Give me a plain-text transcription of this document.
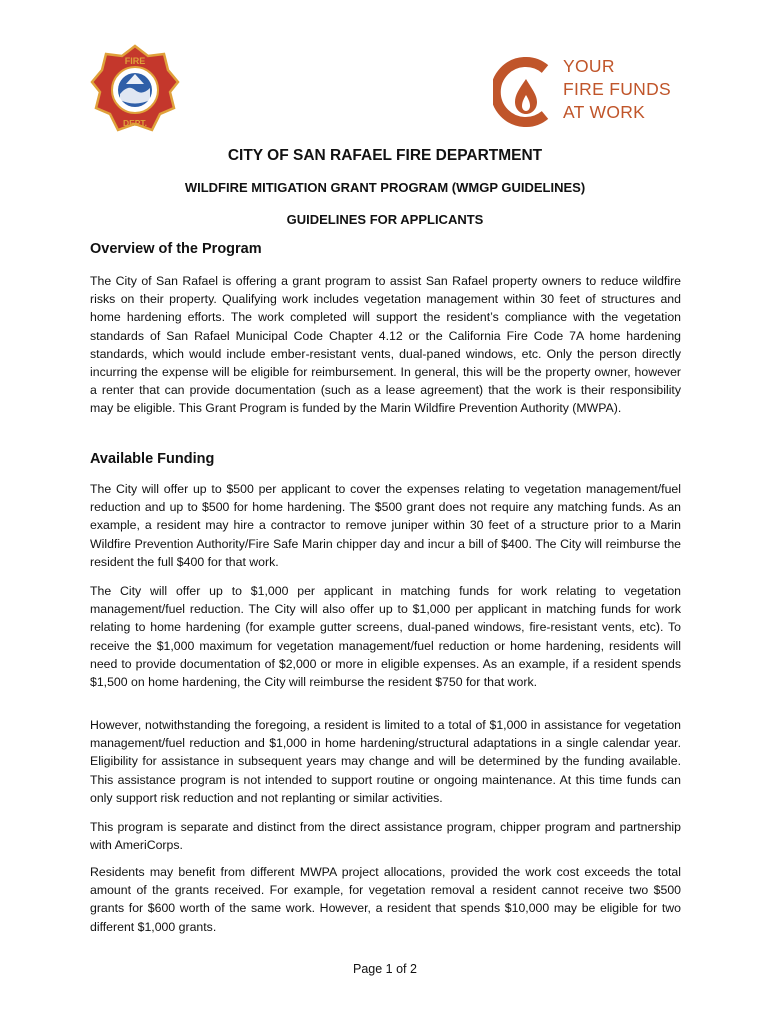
FIRE
DEPT.
YOUR
FIRE FUNDS
AT WORK
CITY OF SAN RAFAEL FIRE DEPARTMENT
WILDFIRE MITIGATION GRANT PROGRAM (WMGP GUIDELINES)
GUIDELINES FOR APPLICANTS
Overview of the Program

The City of San Rafael is offering a grant program to assist San Rafael property owners to reduce wildfire risks on their property. Qualifying work includes vegetation management within 30 feet of structures and home hardening efforts. The work completed will support the resident’s compliance with the vegetation standards of San Rafael Municipal Code Chapter 4.12 or the California Fire Code 7A home hardening standards, which would include ember-resistant vents, dual-paned windows, etc. Only the person directly incurring the expense will be eligible for reimbursement. In general, this will be the property owner, however a renter that can provide documentation (such as a lease agreement) that the work is their responsibility may be eligible. This Grant Program is funded by the Marin Wildfire Prevention Authority (MWPA).

Available Funding

The City will offer up to $500 per applicant to cover the expenses relating to vegetation management/fuel reduction and up to $500 for home hardening. The $500 grant does not require any matching funds. As an example, a resident may hire a contractor to remove juniper within 30 feet of a structure prior to a Marin Wildfire Prevention Authority/Fire Safe Marin chipper day and incur a bill of $400. The City will reimburse the resident the full $400 for that work.

The City will offer up to $1,000 per applicant in matching funds for work relating to vegetation management/fuel reduction. The City will also offer up to $1,000 per applicant in matching funds for work relating to home hardening (for example gutter screens, dual-paned windows, fire-resistant vents, etc). To receive the $1,000 maximum for vegetation management/fuel reduction or home hardening, residents will need to provide documentation of $2,000 or more in eligible expenses. As an example, if a resident spends $1,500 on home hardening, the City will reimburse the resident $750 for that work.

However, notwithstanding the foregoing, a resident is limited to a total of $1,000 in assistance for vegetation management/fuel reduction and $1,000 in home hardening/structural adaptations in a single calendar year. Eligibility for assistance in subsequent years may change and will be determined by the funding available. This assistance program is not intended to support routine or ongoing maintenance. At this time funds can only support risk reduction and not replanting or similar activities.

This program is separate and distinct from the direct assistance program, chipper program and partnership with AmeriCorps.

Residents may benefit from different MWPA project allocations, provided the work cost exceeds the total amount of the grants received. For example, for vegetation removal a resident cannot receive two $500 grants for $600 worth of the same work. However, a resident that spends $10,000 may be eligible for two different $1,000 grants.

Page 1 of 2
